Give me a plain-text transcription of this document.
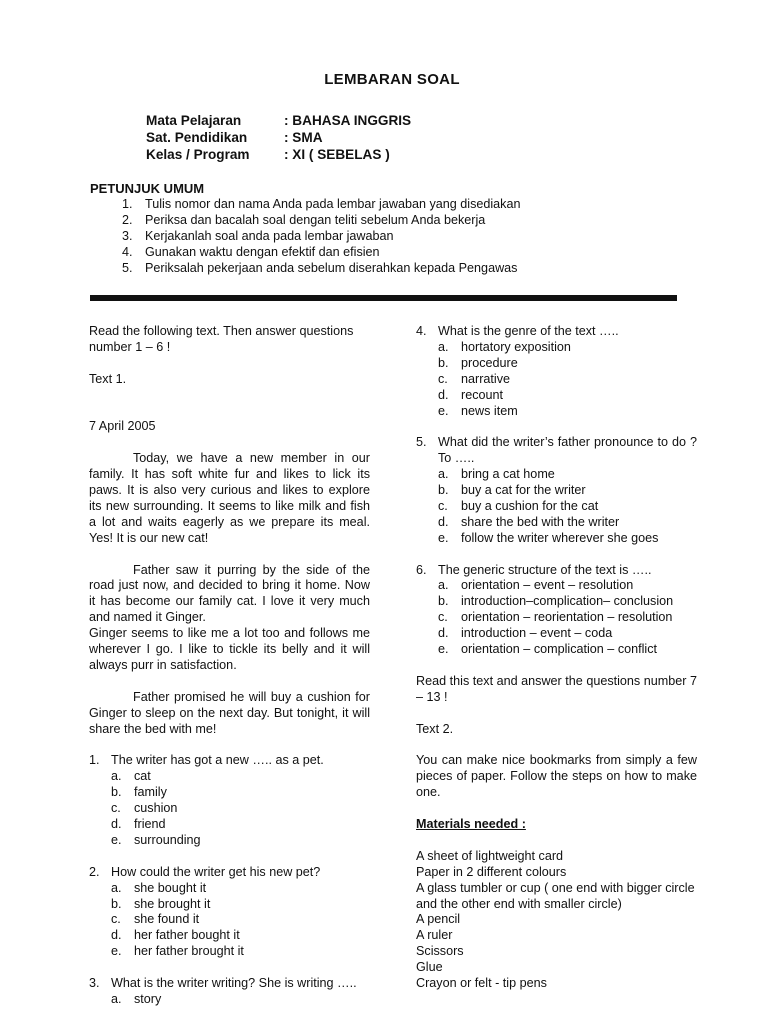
LEMBARAN SOAL
Mata Pelajaran	: BAHASA INGGRIS
Sat. Pendidikan	: SMA
Kelas / Program	: XI ( SEBELAS )
PETUNJUK UMUM
1. Tulis nomor dan nama Anda pada lembar jawaban yang disediakan
2. Periksa dan bacalah soal dengan teliti sebelum Anda bekerja
3. Kerjakanlah soal anda pada lembar jawaban
4. Gunakan waktu dengan efektif dan efisien
5. Periksalah pekerjaan anda sebelum diserahkan kepada Pengawas
Read the following text. Then answer questions number 1 – 6 !
Text 1.
7 April 2005
Today, we have a new member in our family. It has soft white fur and likes to lick its paws. It is also very curious and likes to explore its new surrounding. It seems to like milk and fish a lot and waits eagerly as we prepare its meal. Yes! It is our new cat!
Father saw it purring by the side of the road just now, and decided to bring it home. Now it has become our family cat. I love it very much and named it Ginger.
Ginger seems to like me a lot too and follows me wherever I go. I like to tickle its belly and it will always purr in satisfaction.
Father promised he will buy a cushion for Ginger to sleep on the next day. But tonight, it will share the bed with me!
1. The writer has got a new ….. as a pet.
a. cat
b. family
c.	cushion
d. friend
e. surrounding
2. How could the writer get his new pet?
a. she bought it
b. she brought it
c.	she found it
d. her father bought it
e. her father brought it
3. What is the writer writing? She is writing …..
a. story
4. What is the genre of the text …..
a. hortatory exposition
b. procedure
c.	narrative
d. recount
e. news item
5. What did the writer’s father pronounce to do ? To …..
a. bring a cat home
b. buy a cat for the writer
c.	buy a cushion for the cat
d. share the bed with the writer
e. follow the writer wherever she goes
6. The generic structure of the text is …..
a. orientation – event – resolution
b. introduction–complication– conclusion
c.	orientation – reorientation – resolution
d. introduction – event – coda
e. orientation – complication – conflict
Read this text and answer the questions number 7 – 13 !
Text 2.
You can make nice bookmarks from simply a few pieces of paper. Follow the steps on how to make one.
Materials needed :
A sheet of lightweight card
Paper in 2 different colours
A glass tumbler or cup ( one end with bigger circle and the other end with smaller circle)
A pencil
A ruler
Scissors
Glue
Crayon or felt - tip pens
